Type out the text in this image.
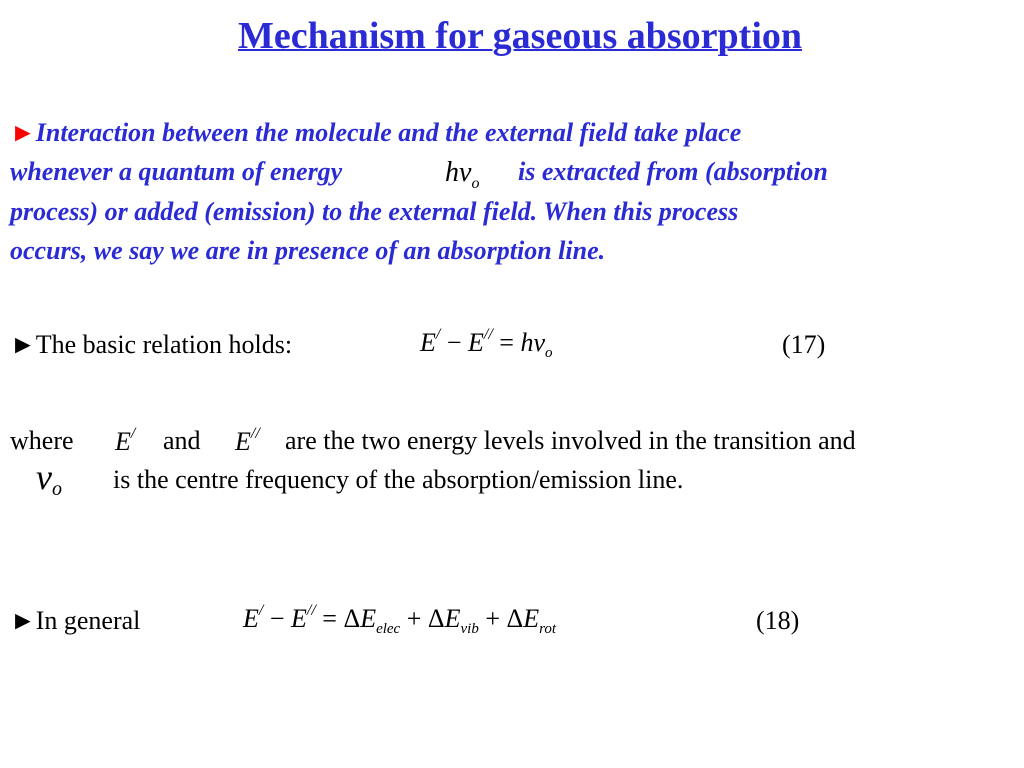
Mechanism for gaseous absorption
►Interaction between the molecule and the external field take place
whenever a quantum of energy	$h\nu_o$ is extracted from (absorption
process) or added (emission) to the external field. When this process
occurs, we say we are in presence of an absorption line.
►The basic relation holds:	$E^/ - E^{//} = h\nu_o$	(17)
where E/ and E// are the two energy levels involved in the transition and
νo is the centre frequency of the absorption/emission line.
►In general	$E^/ - E^{//} = \Delta E_{elec} + \Delta E_{vib} + \Delta E_{rot}$	(18)
